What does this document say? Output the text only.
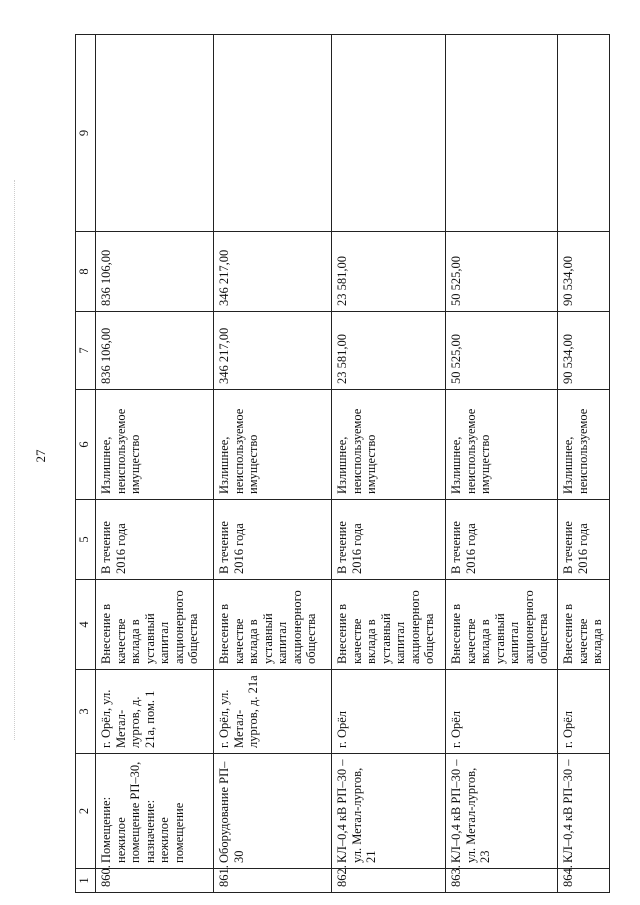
27
1	2	3	4	5	6	7	8	9
860.	Помещение: нежилое помещение РП–30, назначение: нежилое помещение	г. Орёл, ул. Метал-лургов, д. 21а, пом. 1	Внесение в качестве вклада в уставный капитал акционерного общества	В течение 2016 года	Излишнее, неиспользуемое имущество	836 106,00	836 106,00	
861.	Оборудование РП–30	г. Орёл, ул. Метал-лургов, д. 21а	Внесение в качестве вклада в уставный капитал акционерного общества	В течение 2016 года	Излишнее, неиспользуемое имущество	346 217,00	346 217,00	
862.	КЛ–0,4 кВ РП–30 – ул. Метал-лургов, 21	г. Орёл	Внесение в качестве вклада в уставный капитал акционерного общества	В течение 2016 года	Излишнее, неиспользуемое имущество	23 581,00	23 581,00	
863.	КЛ–0,4 кВ РП–30 – ул. Метал-лургов, 23	г. Орёл	Внесение в качестве вклада в уставный капитал акционерного общества	В течение 2016 года	Излишнее, неиспользуемое имущество	50 525,00	50 525,00	
864.	КЛ–0,4 кВ РП–30 –	г. Орёл	Внесение в качестве вклада в	В течение 2016 года	Излишнее, неиспользуемое	90 534,00	90 534,00	
